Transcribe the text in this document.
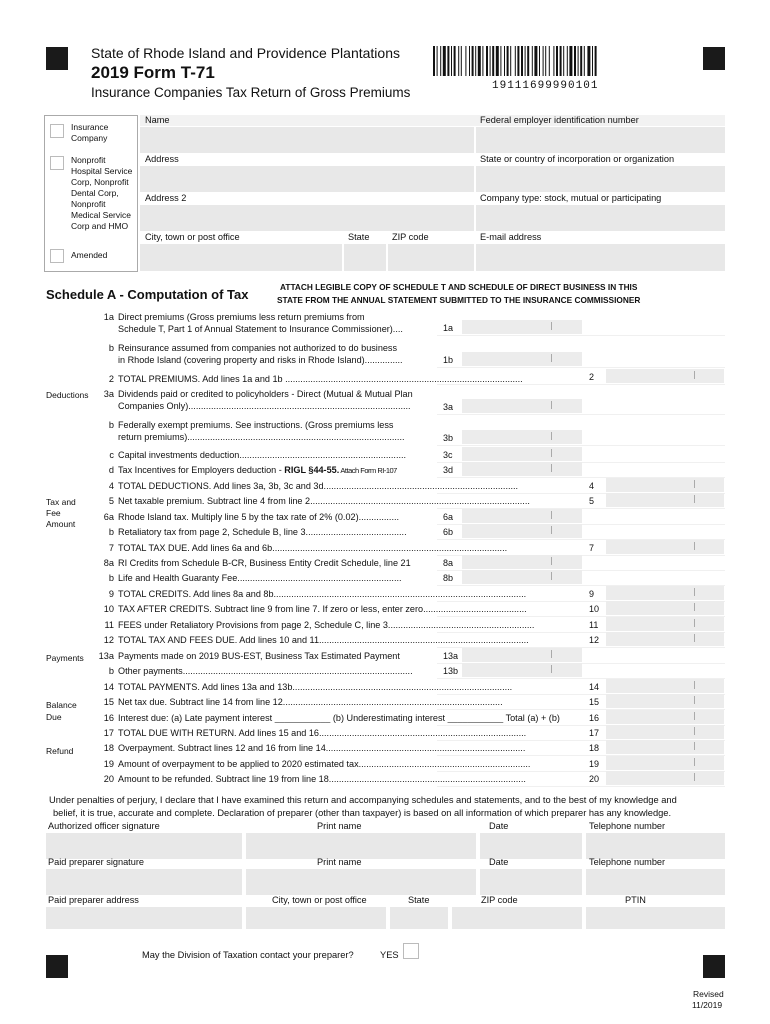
State of Rhode Island and Providence Plantations
2019 Form T-71
Insurance Companies Tax Return of Gross Premiums	19111699990101
Insurance Company
Nonprofit Hospital Service Corp, Nonprofit Dental Corp, Nonprofit Medical Service Corp and HMO
Amended
Name	Federal employer identification number
Address	State or country of incorporation or organization
Address 2	Company type: stock, mutual or participating
City, town or post office	State ZIP code	E-mail address
Schedule A - Computation of Tax	ATTACH LEGIBLE COPY OF SCHEDULE T AND SCHEDULE OF DIRECT BUSINESS IN THIS
STATE FROM THE ANNUAL STATEMENT SUBMITTED TO THE INSURANCE COMMISSIONER
Deductions
Tax and Fee Amount
Payments
Balance Due
Refund
1a Direct premiums (Gross premiums less return premiums from
Schedule T, Part 1 of Annual Statement to Insurance Commissioner)....	1a
b Reinsurance assumed from companies not authorized to do business
in Rhode Island (covering property and risks in Rhode Island)...............	1b
2 TOTAL PREMIUMS. Add lines 1a and 1b ..............................................................................................	2
3a Dividends paid or credited to policyholders - Direct (Mutual & Mutual Plan
Companies Only)........................................................................................	3a
b Federally exempt premiums. See instructions. (Gross premiums less
return premiums)......................................................................................	3b
c Capital investments deduction..................................................................	3c
d Tax Incentives for Employers deduction - RIGL §44-55. Attach Form RI-107	3d
4 TOTAL DEDUCTIONS. Add lines 3a, 3b, 3c and 3d.............................................................................	4
5 Net taxable premium. Subtract line 4 from line 2.......................................................................................	5
6a Rhode Island tax. Multiply line 5 by the tax rate of 2% (0.02)................	6a
b Retaliatory tax from page 2, Schedule B, line 3........................................	6b
7 TOTAL TAX DUE. Add lines 6a and 6b.............................................................................................	7
8a RI Credits from Schedule B-CR, Business Entity Credit Schedule, line 21	8a
b Life and Health Guaranty Fee.................................................................	8b
9 TOTAL CREDITS. Add lines 8a and 8b....................................................................................................	9
10 TAX AFTER CREDITS. Subtract line 9 from line 7. If zero or less, enter zero.........................................	10
11 FEES under Retaliatory Provisions from page 2, Schedule C, line 3..........................................................	11
12 TOTAL TAX AND FEES DUE. Add lines 10 and 11...................................................................................	12
13a Payments made on 2019 BUS-EST, Business Tax Estimated Payment	13a
b Other payments...........................................................................................	13b
14 TOTAL PAYMENTS. Add lines 13a and 13b.......................................................................................	14
15 Net tax due. Subtract line 14 from line 12.......................................................................................	15
16 Interest due: (a) Late payment interest ___________ (b) Underestimating interest ___________ Total (a) + (b)	16
17 TOTAL DUE WITH RETURN. Add lines 15 and 16..................................................................................	17
18 Overpayment. Subtract lines 12 and 16 from line 14...............................................................................	18
19 Amount of overpayment to be applied to 2020 estimated tax....................................................................	19
20 Amount to be refunded. Subtract line 19 from line 18..............................................................................	20
Under penalties of perjury, I declare that I have examined this return and accompanying schedules and statements, and to the best of my knowledge and
belief, it is true, accurate and complete. Declaration of preparer (other than taxpayer) is based on all information of which preparer has any knowledge.
Authorized officer signature	Print name	Date	Telephone number
Paid preparer signature	Print name	Date	Telephone number
Paid preparer address	City, town or post office	State	ZIP code	PTIN
May the Division of Taxation contact your preparer?	YES
Revised
11/2019
